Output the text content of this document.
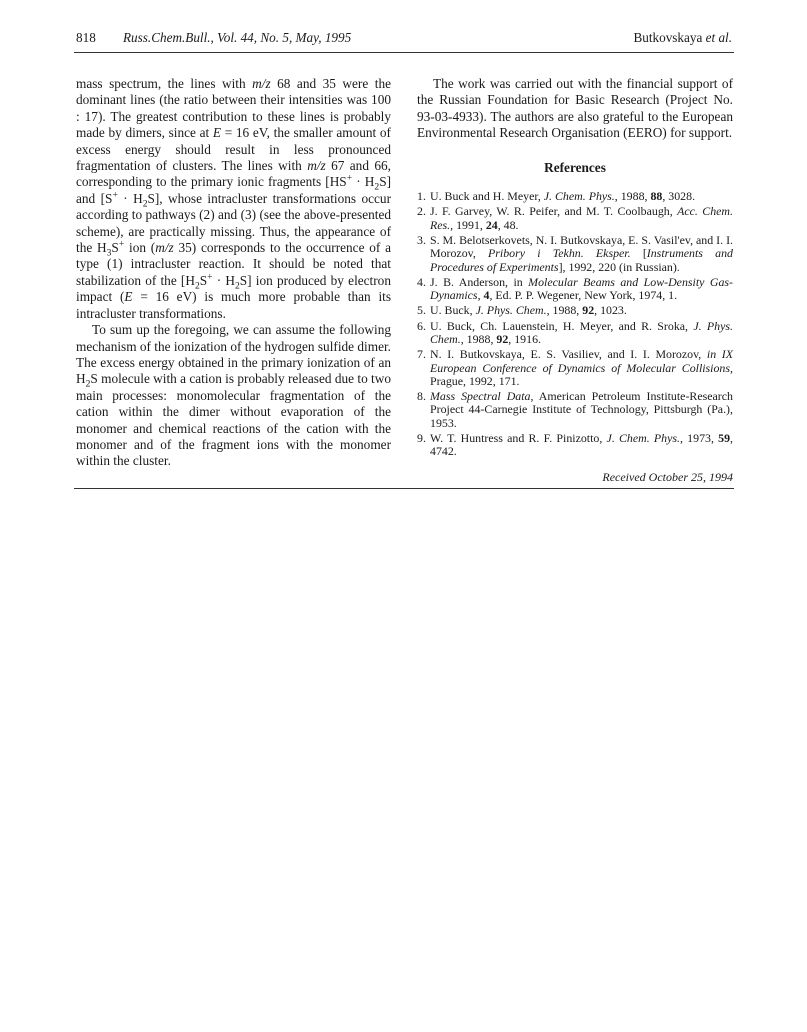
818 Russ.Chem.Bull., Vol. 44, No. 5, May, 1995	Butkovskaya et al.

mass spectrum, the lines with m/z 68 and 35 were the dominant lines (the ratio between their intensities was 100 : 17). The greatest contribution to these lines is probably made by dimers, since at E = 16 eV, the smaller amount of excess energy should result in less pronounced fragmentation of clusters. The lines with m/z 67 and 66, corresponding to the primary ionic fragments $[HS^+ \cdot H_2S]$ and $[S^+ \cdot H_2S]$, whose intracluster transformations occur according to pathways (2) and (3) (see the above-presented scheme), are practically missing. Thus, the appearance of the $H_3S^+$ ion (m/z 35) corresponds to the occurrence of a type (1) intracluster reaction. It should be noted that stabilization of the $[H_2S^+ \cdot H_2S]$ ion produced by electron impact (E = 16 eV) is much more probable than its intracluster transformations.

To sum up the foregoing, we can assume the following mechanism of the ionization of the hydrogen sulfide dimer. The excess energy obtained in the primary ionization of an $H_2S$ molecule with a cation is probably released due to two main processes: monomolecular fragmentation of the cation within the dimer without evaporation of the monomer and chemical reactions of the cation with the monomer and of the fragment ions with the monomer within the cluster.

The work was carried out with the financial support of the Russian Foundation for Basic Research (Project No. 93-03-4933). The authors are also grateful to the European Environmental Research Organisation (EERO) for support.

References
1. U. Buck and H. Meyer, J. Chem. Phys., 1988, 88, 3028.
2. J. F. Garvey, W. R. Peifer, and M. T. Coolbaugh, Acc. Chem. Res., 1991, 24, 48.
3. S. M. Belotserkovets, N. I. Butkovskaya, E. S. Vasil'ev, and I. I. Morozov, Pribory i Tekhn. Eksper. [Instruments and Procedures of Experiments], 1992, 220 (in Russian).
4. J. B. Anderson, in Molecular Beams and Low-Density Gas-Dynamics, 4, Ed. P. P. Wegener, New York, 1974, 1.
5. U. Buck, J. Phys. Chem., 1988, 92, 1023.
6. U. Buck, Ch. Lauenstein, H. Meyer, and R. Sroka, J. Phys. Chem., 1988, 92, 1916.
7. N. I. Butkovskaya, E. S. Vasiliev, and I. I. Morozov, in IX European Conference of Dynamics of Molecular Collisions, Prague, 1992, 171.
8. Mass Spectral Data, American Petroleum Institute-Research Project 44-Carnegie Institute of Technology, Pittsburgh (Pa.), 1953.
9. W. T. Huntress and R. F. Pinizotto, J. Chem. Phys., 1973, 59, 4742.
Received October 25, 1994
